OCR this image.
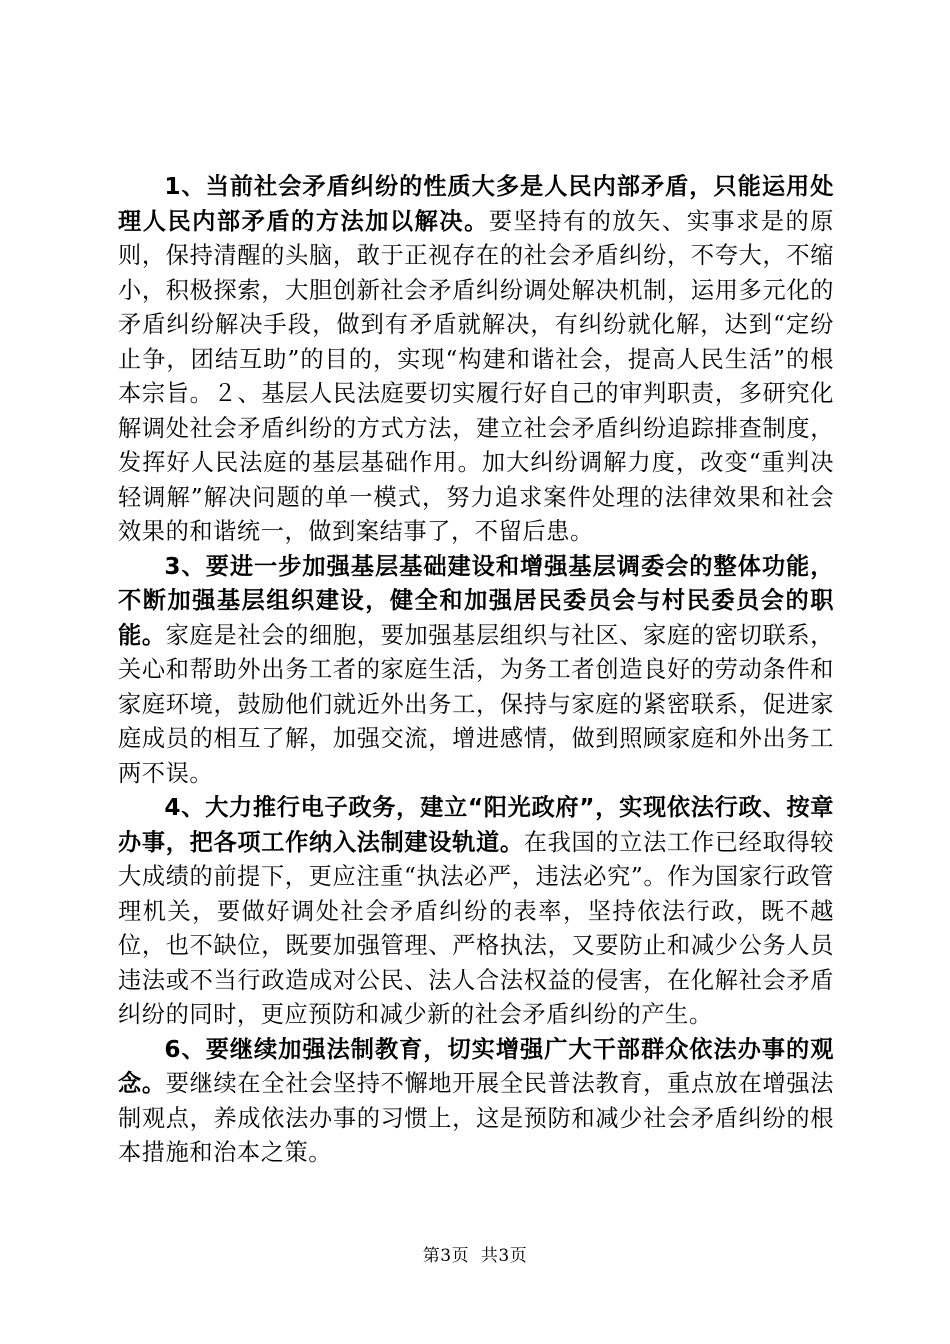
1、当前社会矛盾纠纷的性质大多是人民内部矛盾，只能运用处理人民内部矛盾的方法加以解决。要坚持有的放矢、实事求是的原则，保持清醒的头脑，敢于正视存在的社会矛盾纠纷，不夸大，不缩小，积极探索，大胆创新社会矛盾纠纷调处解决机制，运用多元化的矛盾纠纷解决手段，做到有矛盾就解决，有纠纷就化解，达到“定纷止争，团结互助”的目的，实现“构建和谐社会，提高人民生活”的根本宗旨。２、基层人民法庭要切实履行好自己的审判职责，多研究化解调处社会矛盾纠纷的方式方法，建立社会矛盾纠纷追踪排查制度，发挥好人民法庭的基层基础作用。加大纠纷调解力度，改变“重判决轻调解”解决问题的单一模式，努力追求案件处理的法律效果和社会效果的和谐统一，做到案结事了，不留后患。

3、要进一步加强基层基础建设和增强基层调委会的整体功能，不断加强基层组织建设，健全和加强居民委员会与村民委员会的职能。家庭是社会的细胞，要加强基层组织与社区、家庭的密切联系，关心和帮助外出务工者的家庭生活，为务工者创造良好的劳动条件和家庭环境，鼓励他们就近外出务工，保持与家庭的紧密联系，促进家庭成员的相互了解，加强交流，增进感情，做到照顾家庭和外出务工两不误。

4、大力推行电子政务，建立“阳光政府”，实现依法行政、按章办事，把各项工作纳入法制建设轨道。在我国的立法工作已经取得较大成绩的前提下，更应注重“执法必严，违法必究”。作为国家行政管理机关，要做好调处社会矛盾纠纷的表率，坚持依法行政，既不越位，也不缺位，既要加强管理、严格执法，又要防止和减少公务人员违法或不当行政造成对公民、法人合法权益的侵害，在化解社会矛盾纠纷的同时，更应预防和减少新的社会矛盾纠纷的产生。

6、要继续加强法制教育，切实增强广大干部群众依法办事的观念。要继续在全社会坚持不懈地开展全民普法教育，重点放在增强法制观点，养成依法办事的习惯上，这是预防和减少社会矛盾纠纷的根本措施和治本之策。

第3页 共3页
